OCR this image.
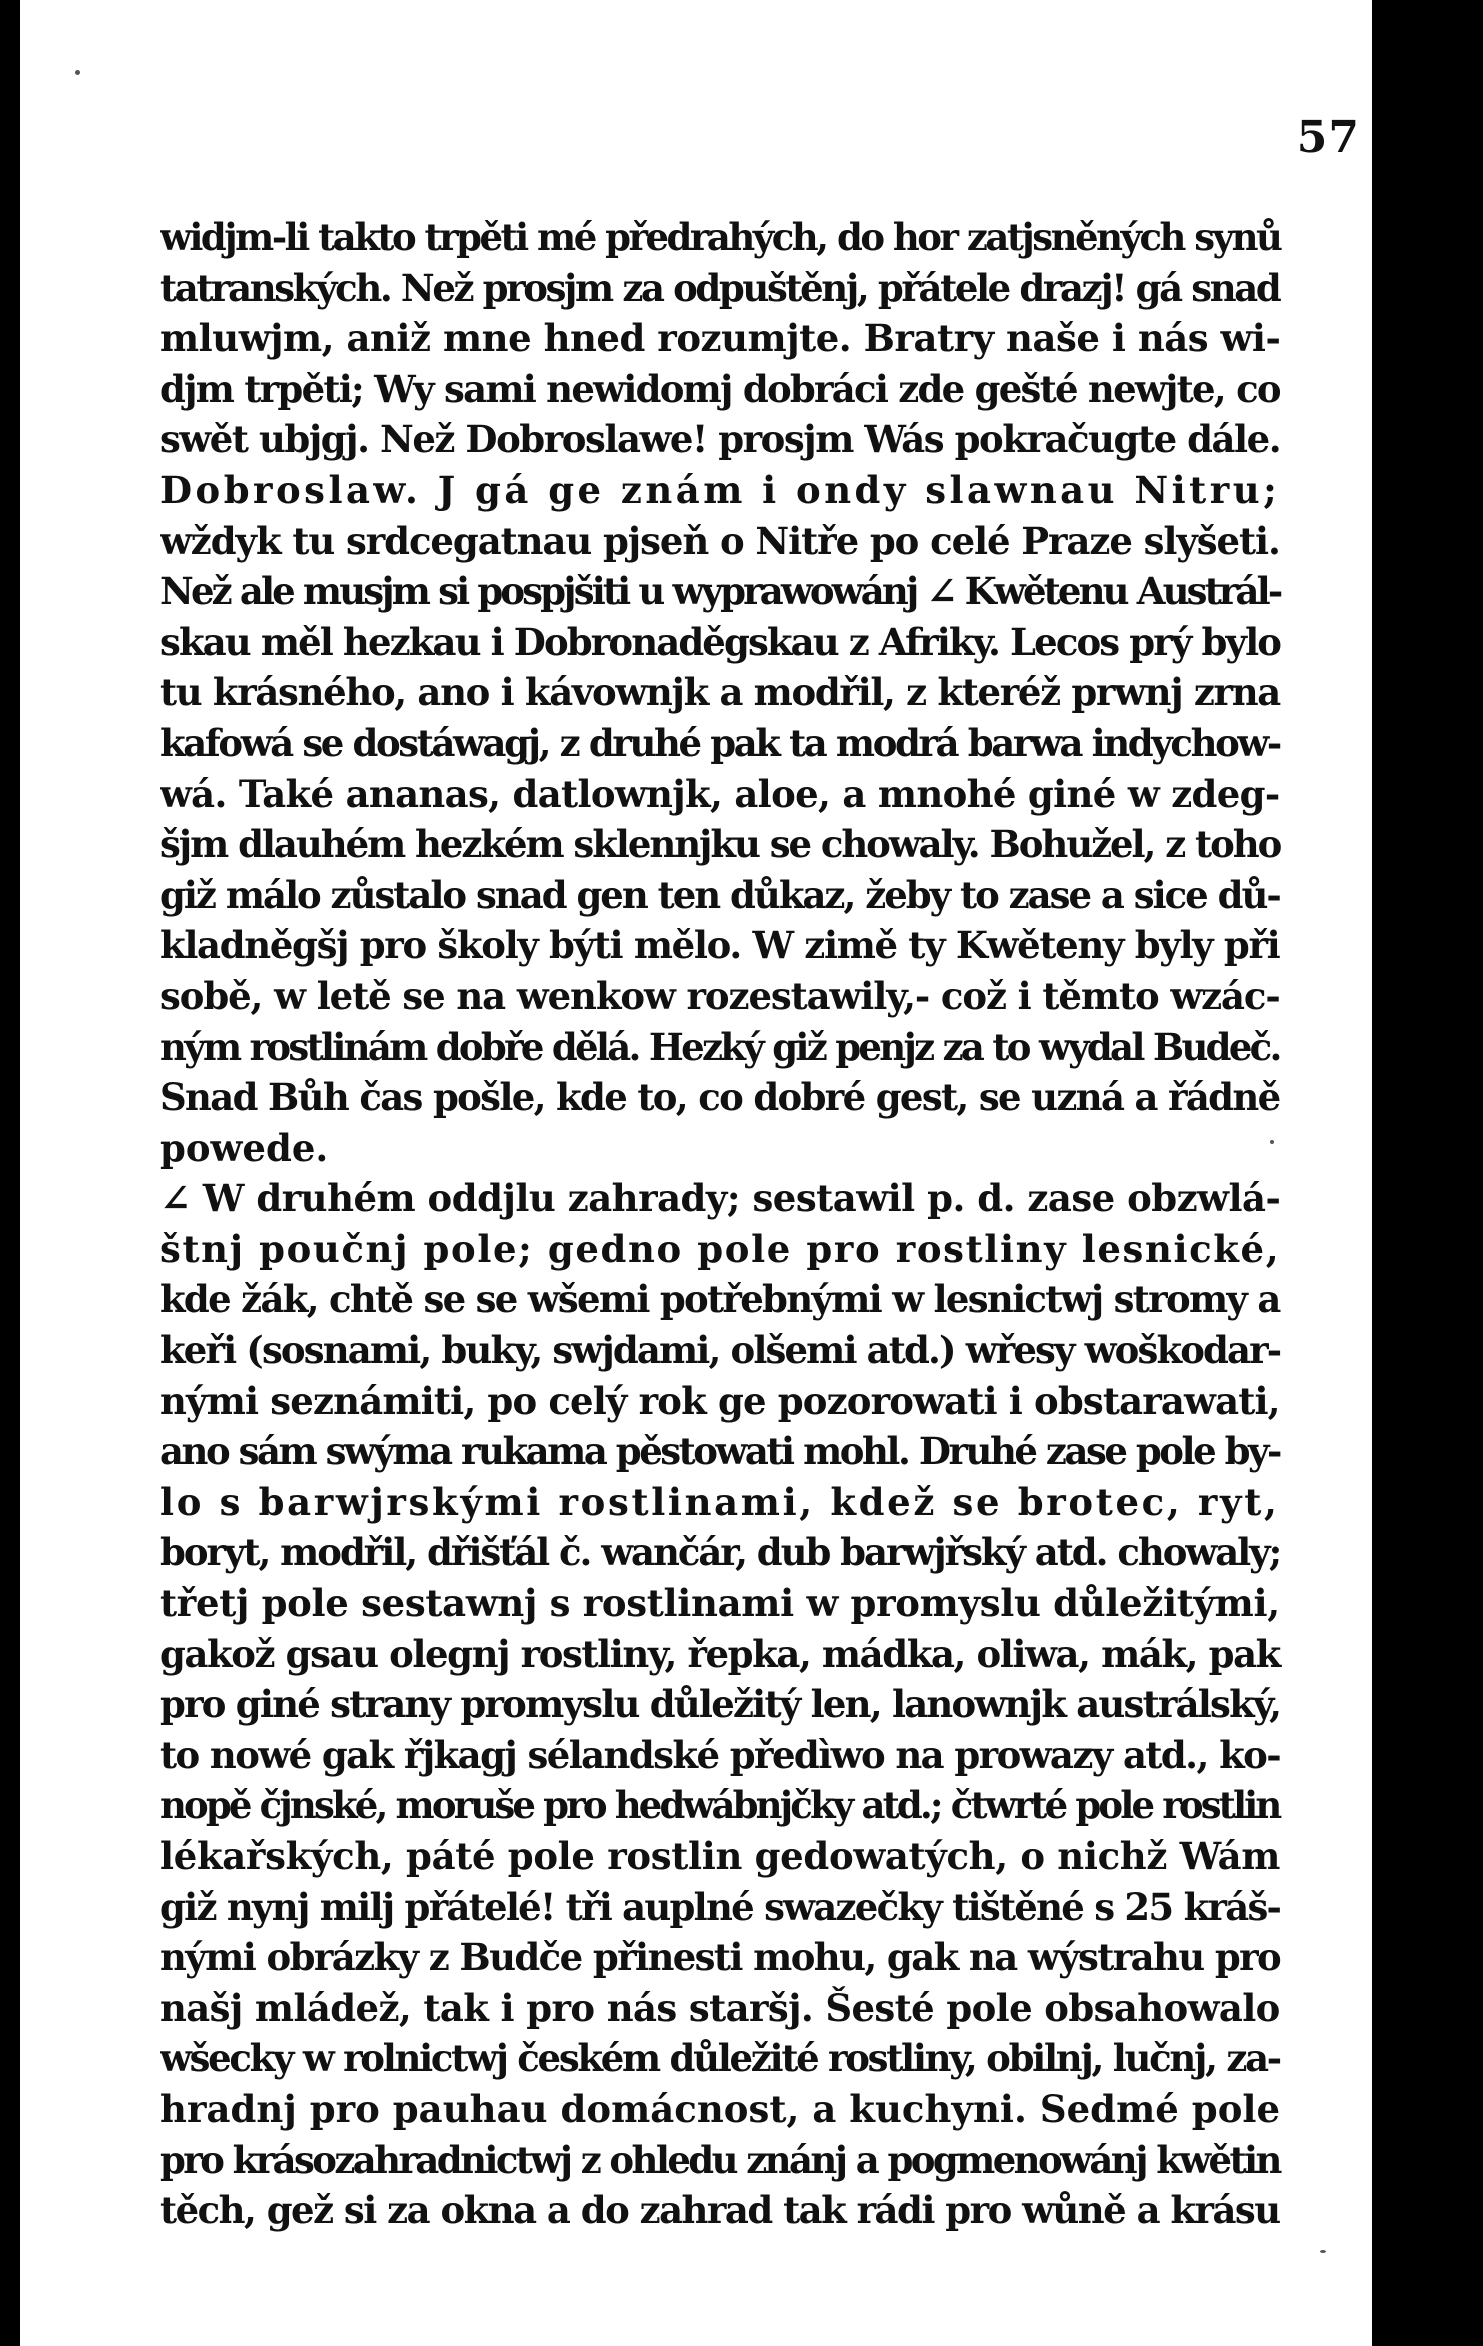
57
widjm-li takto trpěti mé předrahých, do hor zatjsněných synů
tatranských. Než prosjm za odpuštěnj, přátele drazj! gá snad
mluwjm, aniž mne hned rozumjte. Bratry naše i nás wi-
djm trpěti; Wy sami newidomj dobráci zde gešté newjte, co
swět ubjgj. Než Dobroslawe! prosjm Wás pokračugte dále.
Dobroslaw. J gá ge znám i ondy slawnau Nitru;
wždyk tu srdcegatnau pjseň o Nitře po celé Praze slyšeti.
Než ale musjm si pospjšiti u wyprawowánj ∠ Kwětenu Austrál-
skau měl hezkau i Dobronaděgskau z Afriky. Lecos prý bylo
tu krásného, ano i kávownjk a modřil, z kteréž prwnj zrna
kafowá se dostáwagj, z druhé pak ta modrá barwa indychow-
wá. Také ananas, datlownjk, aloe, a mnohé giné w zdeg-
šjm dlauhém hezkém sklennjku se chowaly. Bohužel, z toho
giž málo zůstalo snad gen ten důkaz, žeby to zase a sice dů-
kladněgšj pro školy býti mělo. W zimě ty Kwěteny byly při
sobě, w letě se na wenkow rozestawily,- což i těmto wzác-
ným rostlinám dobře dělá. Hezký giž penjz za to wydal Budeč.
Snad Bůh čas pošle, kde to, co dobré gest, se uzná a řádně
powede.
∠ W druhém oddjlu zahrady; sestawil p. d. zase obzwlá-
štnj poučnj pole; gedno pole pro rostliny lesnické,
kde žák, chtě se se wšemi potřebnými w lesnictwj stromy a
keři (sosnami, buky, swjdami, olšemi atd.) wřesy woškodar-
nými seznámiti, po celý rok ge pozorowati i obstarawati,
ano sám swýma rukama pěstowati mohl. Druhé zase pole by-
lo s barwjrskými rostlinami, kdež se brotec, ryt,
boryt, modřil, dřišťál č. wančár, dub barwjřský atd. chowaly;
třetj pole sestawnj s rostlinami w promyslu důležitými,
gakož gsau olegnj rostliny, řepka, mádka, oliwa, mák, pak
pro giné strany promyslu důležitý len, lanownjk austrálský,
to nowé gak řjkagj sélandské předìwo na prowazy atd., ko-
nopě čjnské, moruše pro hedwábnjčky atd.; čtwrté pole rostlin
lékařských, páté pole rostlin gedowatých, o nichž Wám
giž nynj milj přátelé! tři auplné swazečky tištěné s 25 kráš-
nými obrázky z Budče přinesti mohu, gak na wýstrahu pro
našj mládež, tak i pro nás staršj. Šesté pole obsahowalo
wšecky w rolnictwj českém důležité rostliny, obilnj, lučnj, za-
hradnj pro pauhau domácnost, a kuchyni. Sedmé pole
pro krásozahradnictwj z ohledu znánj a pogmenowánj kwětin
těch, gež si za okna a do zahrad tak rádi pro wůně a krásu
